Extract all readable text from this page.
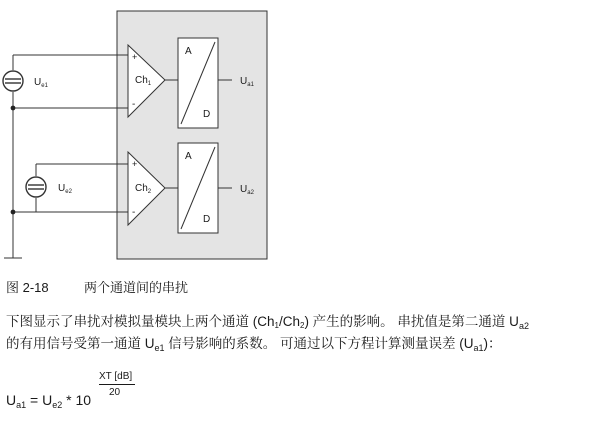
+
-
$Ch_1$
A
D
$U_{e1}$	$U_{a1}$
+
-
$Ch_2$
A
D
$U_{e2}$	$U_{a2}$
图 2-18	两个通道间的串扰
下图显示了串扰对模拟量模块上两个通道 $(Ch_1/Ch_2)$ 产生的影响。 串扰值是第二通道 $U_{a2}$
的有用信号受第一通道 $U_{e1}$ 信号影响的系数。 可通过以下方程计算测量误差 $(U_{a1})$：
$U_{a1} = U_{e2} * 10$
XT [dB]
20
